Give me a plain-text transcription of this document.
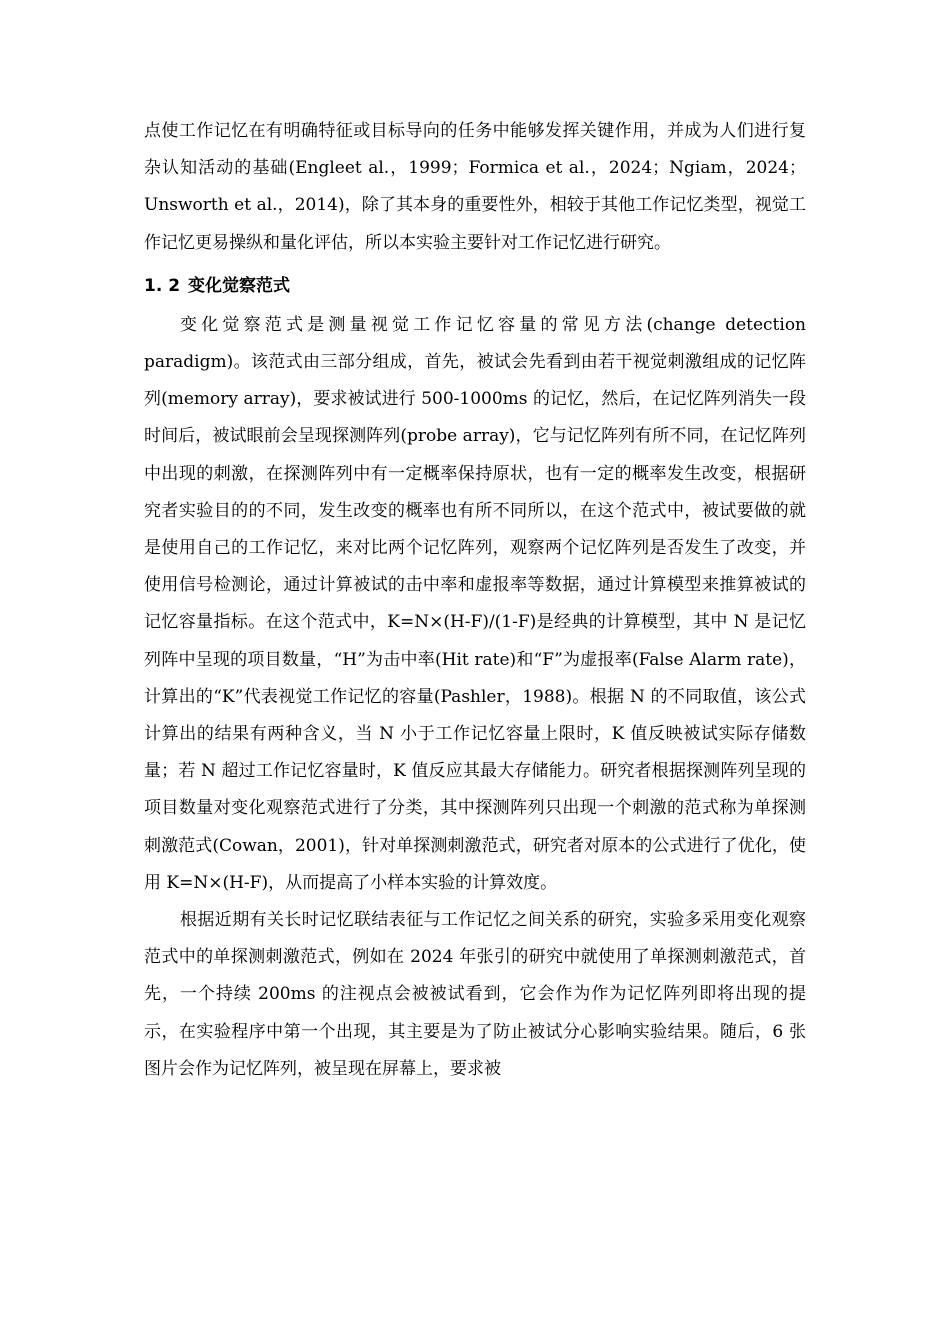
点使工作记忆在有明确特征或目标导向的任务中能够发挥关键作用，并成为人们进行复杂认知活动的基础(Engleet al.，1999；Formica et al.，2024；Ngiam，2024；Unsworth et al.，2014)，除了其本身的重要性外，相较于其他工作记忆类型，视觉工作记忆更易操纵和量化评估，所以本实验主要针对工作记忆进行研究。

1. 2 变化觉察范式

变化觉察范式是测量视觉工作记忆容量的常见方法(change detection paradigm)。该范式由三部分组成，首先，被试会先看到由若干视觉刺激组成的记忆阵列(memory array)，要求被试进行 500-1000ms 的记忆，然后，在记忆阵列消失一段时间后，被试眼前会呈现探测阵列(probe array)，它与记忆阵列有所不同，在记忆阵列中出现的刺激，在探测阵列中有一定概率保持原状，也有一定的概率发生改变，根据研究者实验目的的不同，发生改变的概率也有所不同所以，在这个范式中，被试要做的就是使用自己的工作记忆，来对比两个记忆阵列，观察两个记忆阵列是否发生了改变，并使用信号检测论，通过计算被试的击中率和虚报率等数据，通过计算模型来推算被试的记忆容量指标。在这个范式中，K=N×(H-F)/(1-F)是经典的计算模型，其中 N 是记忆列阵中呈现的项目数量，“H”为击中率(Hit rate)和“F”为虚报率(False Alarm rate)，计算出的“K”代表视觉工作记忆的容量(Pashler，1988)。根据 N 的不同取值，该公式计算出的结果有两种含义，当 N 小于工作记忆容量上限时，K 值反映被试实际存储数量；若 N 超过工作记忆容量时，K 值反应其最大存储能力。研究者根据探测阵列呈现的项目数量对变化观察范式进行了分类，其中探测阵列只出现一个刺激的范式称为单探测刺激范式(Cowan，2001)，针对单探测刺激范式，研究者对原本的公式进行了优化，使用 K=N×(H-F)，从而提高了小样本实验的计算效度。

根据近期有关长时记忆联结表征与工作记忆之间关系的研究，实验多采用变化观察范式中的单探测刺激范式，例如在 2024 年张引的研究中就使用了单探测刺激范式，首先，一个持续 200ms 的注视点会被被试看到，它会作为作为记忆阵列即将出现的提示，在实验程序中第一个出现，其主要是为了防止被试分心影响实验结果。随后，6 张图片会作为记忆阵列，被呈现在屏幕上，要求被
